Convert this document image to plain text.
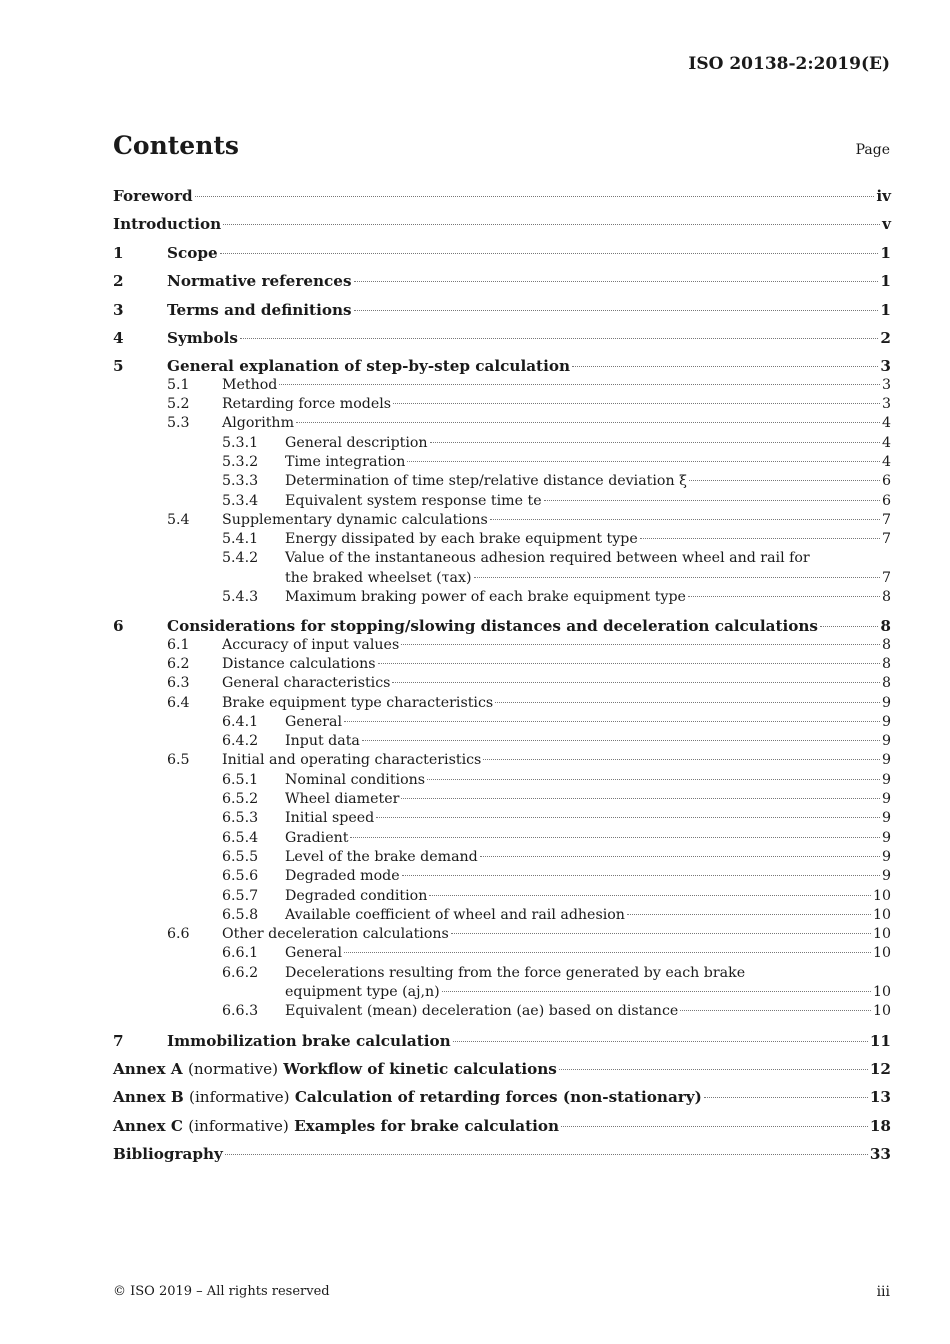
ISO 20138-2:2019(E)
Contents	Page
Foreword	iv
Introduction	v
1	Scope	1
2	Normative references	1
3	Terms and definitions	1
4	Symbols	2
5	General explanation of step-by-step calculation	3
5.1 Method	3
5.2 Retarding force models	3
5.3 Algorithm	4
5.3.1 General description	4
5.3.2 Time integration	4
5.3.3 Determination of time step/relative distance deviation ξ	6
5.3.4 Equivalent system response time te	6
5.4 Supplementary dynamic calculations	7
5.4.1 Energy dissipated by each brake equipment type	7
5.4.2 Value of the instantaneous adhesion required between wheel and rail for
the braked wheelset (τax)	7
5.4.3 Maximum braking power of each brake equipment type	8
6	Considerations for stopping/slowing distances and deceleration calculations	8
6.1 Accuracy of input values	8
6.2 Distance calculations	8
6.3 General characteristics	8
6.4 Brake equipment type characteristics	9
6.4.1 General	9
6.4.2 Input data	9
6.5 Initial and operating characteristics	9
6.5.1 Nominal conditions	9
6.5.2 Wheel diameter	9
6.5.3 Initial speed	9
6.5.4 Gradient	9
6.5.5 Level of the brake demand	9
6.5.6 Degraded mode	9
6.5.7 Degraded condition	10
6.5.8 Available coefficient of wheel and rail adhesion	10
6.6 Other deceleration calculations	10
6.6.1 General	10
6.6.2 Decelerations resulting from the force generated by each brake
equipment type (aj,n)	10
6.6.3 Equivalent (mean) deceleration (ae) based on distance	10
7	Immobilization brake calculation	11
Annex A (normative) Workflow of kinetic calculations	12
Annex B (informative) Calculation of retarding forces (non-stationary)	13
Annex C (informative) Examples for brake calculation	18
Bibliography	33
© ISO 2019 – All rights reserved	iii
